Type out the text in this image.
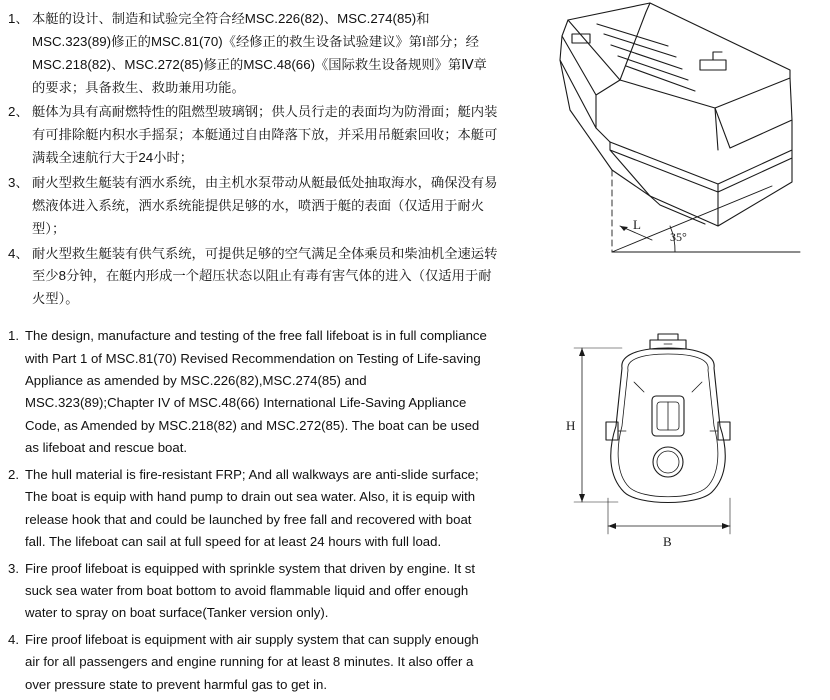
1、 本艇的设计、制造和试验完全符合经MSC.226(82)、MSC.274(85)和MSC.323(89)修正的MSC.81(70)《经修正的救生设备试验建议》第I部分；经MSC.218(82)、MSC.272(85)修正的MSC.48(66)《国际救生设备规则》第Ⅳ章的要求；具备救生、救助兼用功能。
2、 艇体为具有高耐燃特性的阻燃型玻璃钢；供人员行走的表面均为防滑面；艇内装有可排除艇内积水手摇泵；本艇通过自由降落下放，并采用吊艇索回收；本艇可满载全速航行大于24小时；
3、 耐火型救生艇装有洒水系统，由主机水泵带动从艇最低处抽取海水，确保没有易燃液体进入系统，洒水系统能提供足够的水，喷洒于艇的表面（仅适用于耐火型）；
4、 耐火型救生艇装有供气系统，可提供足够的空气满足全体乘员和柴油机全速运转至少8分钟，在艇内形成一个超压状态以阻止有毒有害气体的进入（仅适用于耐火型）。
1. The design, manufacture and testing of the free fall lifeboat is in full compliance with Part 1 of MSC.81(70) Revised Recommendation on Testing of Life-saving Appliance as amended by MSC.226(82),MSC.274(85) and MSC.323(89);Chapter IV of MSC.48(66) International Life-Saving Appliance Code, as Amended by MSC.218(82) and MSC.272(85). The boat can be used as lifeboat and rescue boat.
2. The hull material is fire-resistant FRP; And all walkways are anti-slide surface; The boat is equip with hand pump to drain out sea water. Also, it is equip with release hook that and could be launched by free fall and recovered with boat fall. The lifeboat can sail at full speed for at least 24 hours with full load.
3. Fire proof lifeboat is equipped with sprinkle system that driven by engine. It st suck sea water from boat bottom to avoid flammable liquid and offer enough water to spray on boat surface(Tanker version only).
4. Fire proof lifeboat is equipment with air supply system that can supply enough air for all passengers and engine running for at least 8 minutes. It also offer a over pressure state to prevent harmful gas to get in.
L
35°
H
B
